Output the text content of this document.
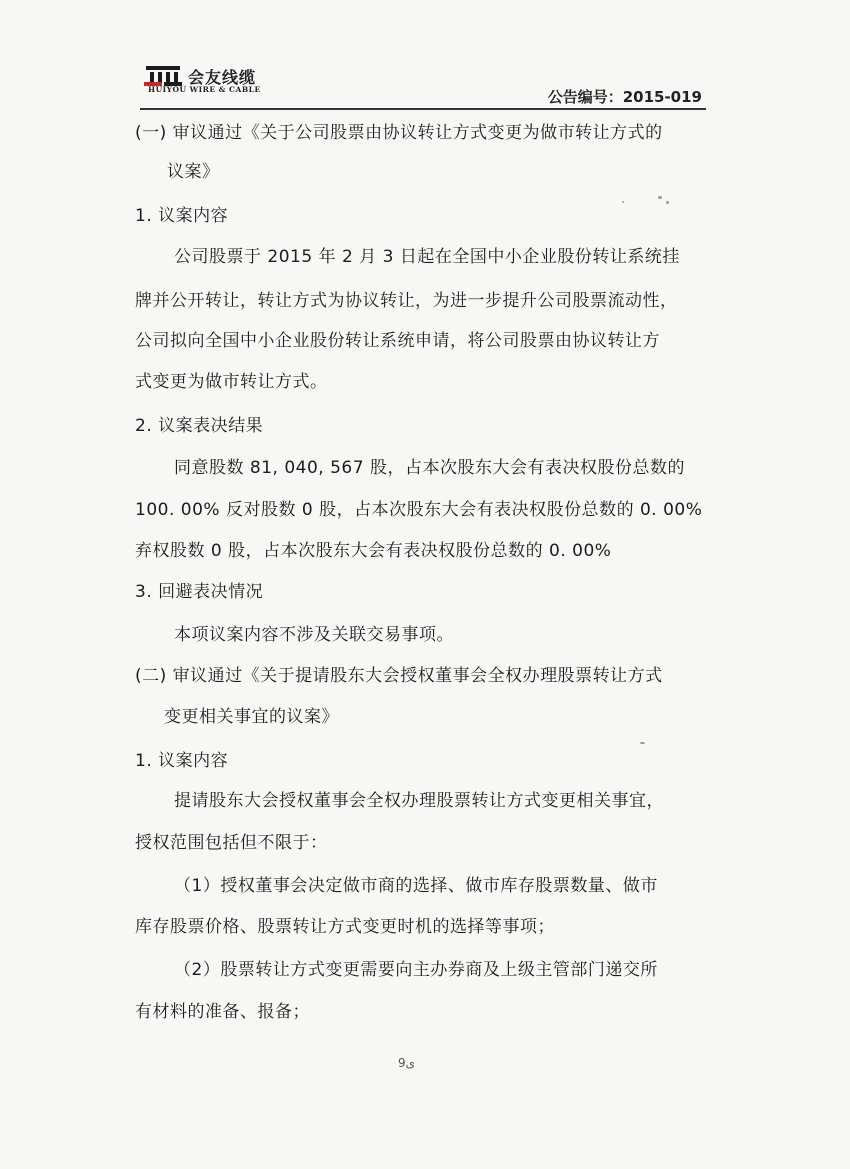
会友线缆
HUIYOU WIRE & CABLE	公告编号：2015-019
(一) 审议通过《关于公司股票由协议转让方式变更为做市转让方式的
议案》
1. 议案内容
公司股票于 2015 年 2 月 3 日起在全国中小企业股份转让系统挂
牌并公开转让，转让方式为协议转让，为进一步提升公司股票流动性，
公司拟向全国中小企业股份转让系统申请，将公司股票由协议转让方
式变更为做市转让方式。
2. 议案表决结果
同意股数 81, 040, 567 股，占本次股东大会有表决权股份总数的
100. 00% 反对股数 0 股，占本次股东大会有表决权股份总数的 0. 00%
弃权股数 0 股，占本次股东大会有表决权股份总数的 0. 00%
3. 回避表决情况
本项议案内容不涉及关联交易事项。
(二) 审议通过《关于提请股东大会授权董事会全权办理股票转让方式
变更相关事宜的议案》
1. 议案内容
提请股东大会授权董事会全权办理股票转让方式变更相关事宜，
授权范围包括但不限于：
（1）授权董事会决定做市商的选择、做市库存股票数量、做市
库存股票价格、股票转让方式变更时机的选择等事项；
（2）股票转让方式变更需要向主办券商及上级主管部门递交所
有材料的准备、报备；
ی9
